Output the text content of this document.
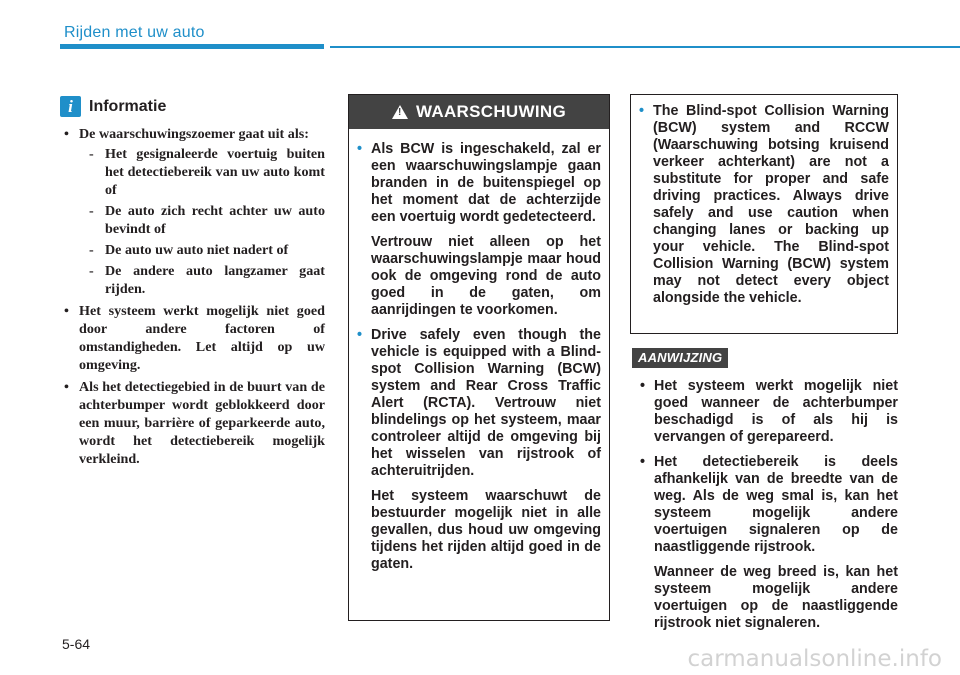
Rijden met uw auto
i	Informatie
• De waarschuwingszoemer gaat uit als:
- Het gesignaleerde voertuig buiten het detectiebereik van uw auto komt of
- De auto zich recht achter uw auto bevindt of
- De auto uw auto niet nadert of
- De andere auto langzamer gaat rijden.
• Het systeem werkt mogelijk niet goed door andere factoren of omstandigheden. Let altijd op uw omgeving.
• Als het detectiegebied in de buurt van de achterbumper wordt geblokkeerd door een muur, barrière of geparkeerde auto, wordt het detectiebereik mogelijk verkleind.
! WAARSCHUWING

• Als BCW is ingeschakeld, zal er een waarschuwingslampje gaan branden in de buitenspiegel op het moment dat de achterzijde een voertuig wordt gedetecteerd.

Vertrouw niet alleen op het waarschuwingslampje maar houd ook de omgeving rond de auto goed in de gaten, om aanrijdingen te voorkomen.

• Drive safely even though the vehicle is equipped with a Blind-spot Collision Warning (BCW) system and Rear Cross Traffic Alert (RCTA). Vertrouw niet blindelings op het systeem, maar controleer altijd de omgeving bij het wisselen van rijstrook of achteruitrijden.

Het systeem waarschuwt de bestuurder mogelijk niet in alle gevallen, dus houd uw omgeving tijdens het rijden altijd goed in de gaten.

• The Blind-spot Collision Warning (BCW) system and RCCW (Waarschuwing botsing kruisend verkeer achterkant) are not a substitute for proper and safe driving practices. Always drive safely and use caution when changing lanes or backing up your vehicle. The Blind-spot Collision Warning (BCW) system may not detect every object alongside the vehicle.

AANWIJZING

• Het systeem werkt mogelijk niet goed wanneer de achterbumper beschadigd is of als hij is vervangen of gerepareerd.

• Het detectiebereik is deels afhankelijk van de breedte van de weg. Als de weg smal is, kan het systeem mogelijk andere voertuigen signaleren op de naastliggende rijstrook.

Wanneer de weg breed is, kan het systeem mogelijk andere voertuigen op de naastliggende rijstrook niet signaleren.

5-64
carmanualsonline.info
